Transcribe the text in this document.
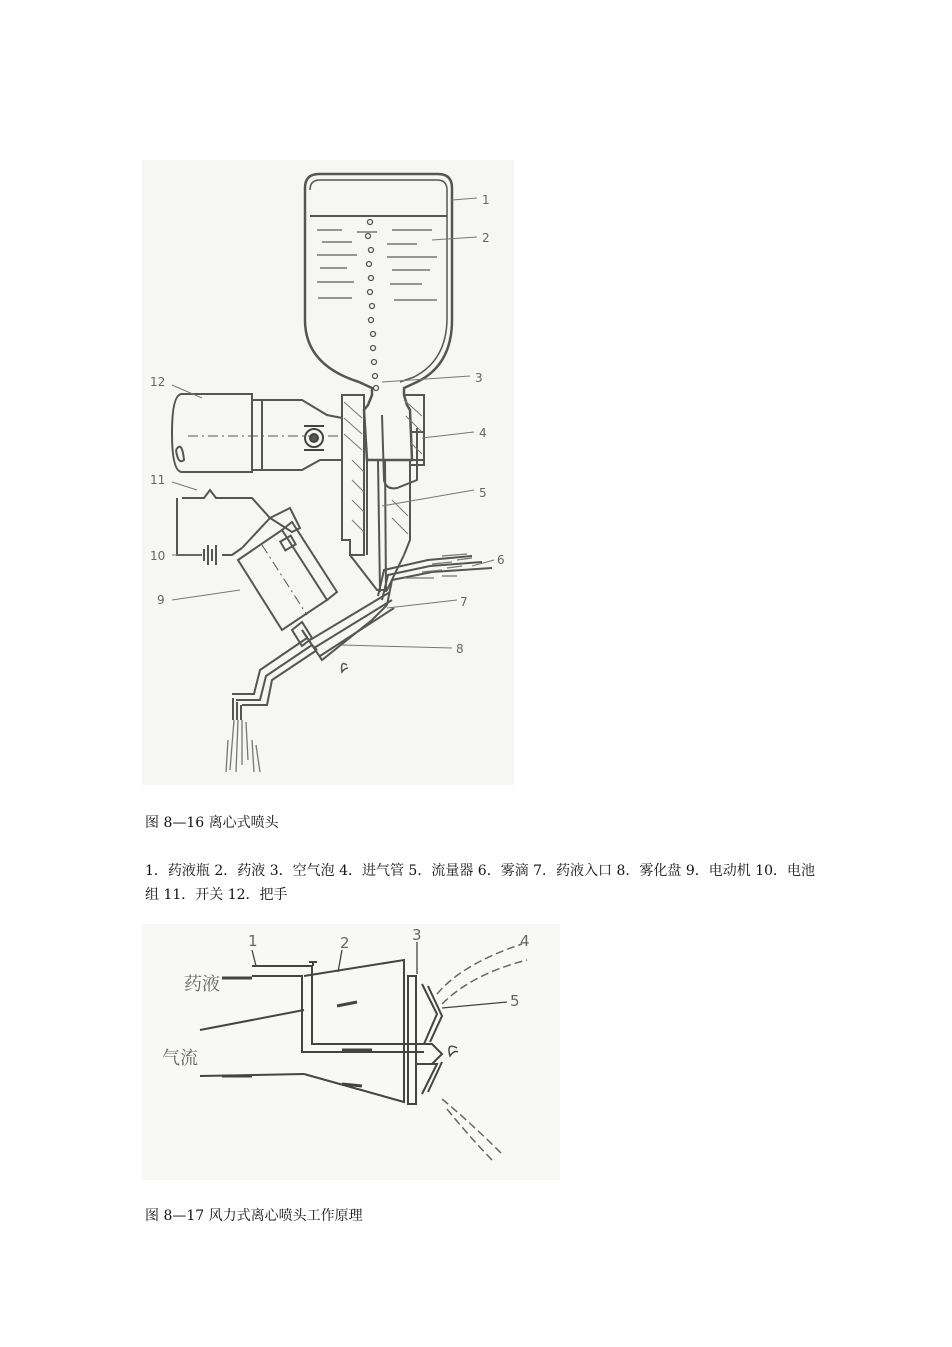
1
2
3
4
5
6
7
8
9
10
11
12
图 8—16 离心式喷头
1．药液瓶 2．药液 3．空气泡 4．进气管 5．流量器 6．雾滴 7．药液入口 8．雾化盘 9．电动机 10．电池组 11．开关 12．把手
1	2	3	4
5
药液
气流
图 8—17 风力式离心喷头工作原理
